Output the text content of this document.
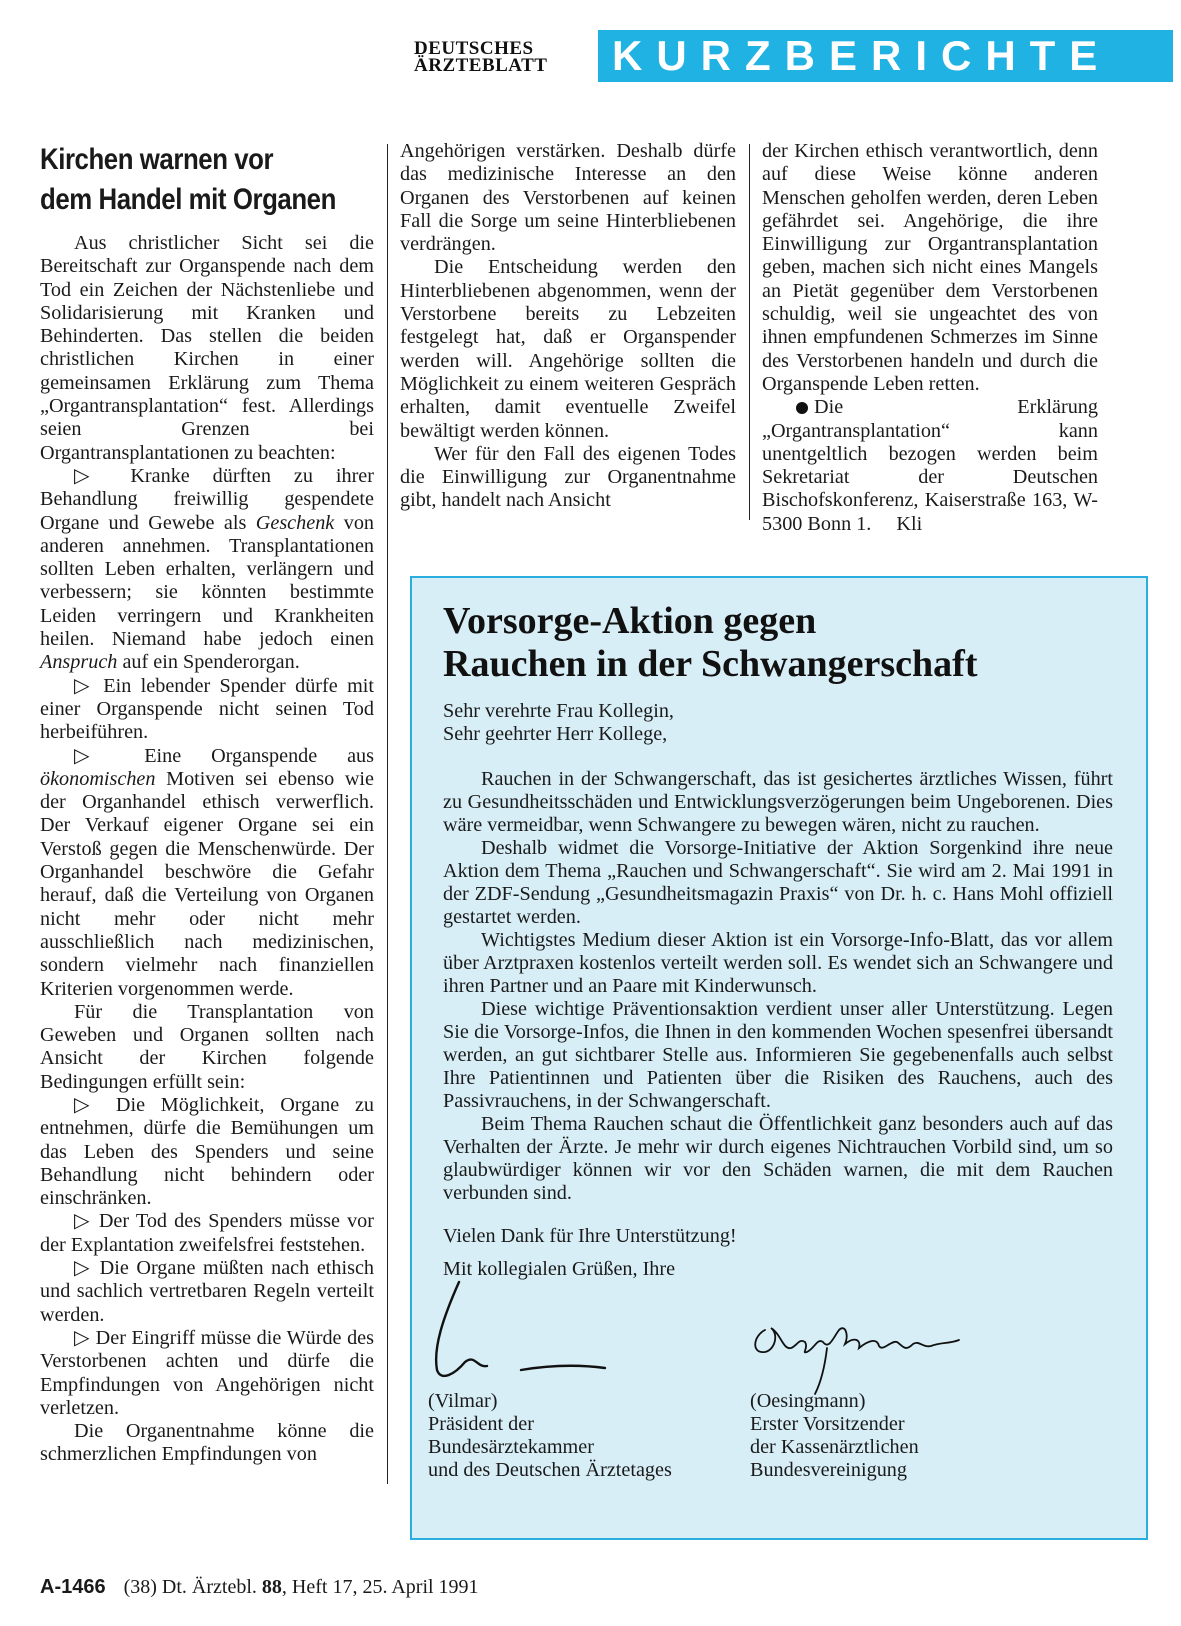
DEUTSCHES
ÄRZTEBLATT	KURZBERICHTE
Kirchen warnen vor
dem Handel mit Organen

Aus christlicher Sicht sei die Bereitschaft zur Organspende nach dem Tod ein Zeichen der Nächstenliebe und Solidarisierung mit Kranken und Behinderten. Das stellen die beiden christlichen Kirchen in einer gemeinsamen Erklärung zum Thema „Organtransplantation“ fest. Allerdings seien Grenzen bei Organtransplantationen zu beachten:

▷ Kranke dürften zu ihrer Behandlung freiwillig gespendete Organe und Gewebe als Geschenk von anderen annehmen. Transplantationen sollten Leben erhalten, verlängern und verbessern; sie könnten bestimmte Leiden verringern und Krankheiten heilen. Niemand habe jedoch einen Anspruch auf ein Spenderorgan.

▷ Ein lebender Spender dürfe mit einer Organspende nicht seinen Tod herbeiführen.

▷ Eine Organspende aus ökonomischen Motiven sei ebenso wie der Organhandel ethisch verwerflich. Der Verkauf eigener Organe sei ein Verstoß gegen die Menschenwürde. Der Organhandel beschwöre die Gefahr herauf, daß die Verteilung von Organen nicht mehr oder nicht mehr ausschließlich nach medizinischen, sondern vielmehr nach finanziellen Kriterien vorgenommen werde.

Für die Transplantation von Geweben und Organen sollten nach Ansicht der Kirchen folgende Bedingungen erfüllt sein:

▷ Die Möglichkeit, Organe zu entnehmen, dürfe die Bemühungen um das Leben des Spenders und seine Behandlung nicht behindern oder einschränken.

▷ Der Tod des Spenders müsse vor der Explantation zweifelsfrei feststehen.

▷ Die Organe müßten nach ethisch und sachlich vertretbaren Regeln verteilt werden.

▷ Der Eingriff müsse die Würde des Verstorbenen achten und dürfe die Empfindungen von Angehörigen nicht verletzen.

Die Organentnahme könne die schmerzlichen Empfindungen von

Angehörigen verstärken. Deshalb dürfe das medizinische Interesse an den Organen des Verstorbenen auf keinen Fall die Sorge um seine Hinterbliebenen verdrängen.

Die Entscheidung werden den Hinterbliebenen abgenommen, wenn der Verstorbene bereits zu Lebzeiten festgelegt hat, daß er Organspender werden will. Angehörige sollten die Möglichkeit zu einem weiteren Gespräch erhalten, damit eventuelle Zweifel bewältigt werden können.

Wer für den Fall des eigenen Todes die Einwilligung zur Organentnahme gibt, handelt nach Ansicht

der Kirchen ethisch verantwortlich, denn auf diese Weise könne anderen Menschen geholfen werden, deren Leben gefährdet sei. Angehörige, die ihre Einwilligung zur Organtransplantation geben, machen sich nicht eines Mangels an Pietät gegenüber dem Verstorbenen schuldig, weil sie ungeachtet des von ihnen empfundenen Schmerzes im Sinne des Verstorbenen handeln und durch die Organspende Leben retten.

Die Erklärung „Organtransplantation“ kann unentgeltlich bezogen werden beim Sekretariat der Deutschen Bischofskonferenz, Kaiserstraße 163, W-5300 Bonn 1. Kli

Vorsorge-Aktion gegen
Rauchen in der Schwangerschaft

Sehr verehrte Frau Kollegin,

Sehr geehrter Herr Kollege,

Rauchen in der Schwangerschaft, das ist gesichertes ärztliches Wissen, führt zu Gesundheitsschäden und Entwicklungsverzögerungen beim Ungeborenen. Dies wäre vermeidbar, wenn Schwangere zu bewegen wären, nicht zu rauchen.

Deshalb widmet die Vorsorge-Initiative der Aktion Sorgenkind ihre neue Aktion dem Thema „Rauchen und Schwangerschaft“. Sie wird am 2. Mai 1991 in der ZDF-Sendung „Gesundheitsmagazin Praxis“ von Dr. h. c. Hans Mohl offiziell gestartet werden.

Wichtigstes Medium dieser Aktion ist ein Vorsorge-Info-Blatt, das vor allem über Arztpraxen kostenlos verteilt werden soll. Es wendet sich an Schwangere und ihren Partner und an Paare mit Kinderwunsch.

Diese wichtige Präventionsaktion verdient unser aller Unterstützung. Legen Sie die Vorsorge-Infos, die Ihnen in den kommenden Wochen spesenfrei übersandt werden, an gut sichtbarer Stelle aus. Informieren Sie gegebenenfalls auch selbst Ihre Patientinnen und Patienten über die Risiken des Rauchens, auch des Passivrauchens, in der Schwangerschaft.

Beim Thema Rauchen schaut die Öffentlichkeit ganz besonders auch auf das Verhalten der Ärzte. Je mehr wir durch eigenes Nichtrauchen Vorbild sind, um so glaubwürdiger können wir vor den Schäden warnen, die mit dem Rauchen verbunden sind.

Vielen Dank für Ihre Unterstützung!

Mit kollegialen Grüßen, Ihre

(Vilmar)
Präsident der
Bundesärztekammer
und des Deutschen Ärztetages
(Oesingmann)
Erster Vorsitzender
der Kassenärztlichen
Bundesvereinigung
A-1466 (38) Dt. Ärztebl. 88, Heft 17, 25. April 1991
